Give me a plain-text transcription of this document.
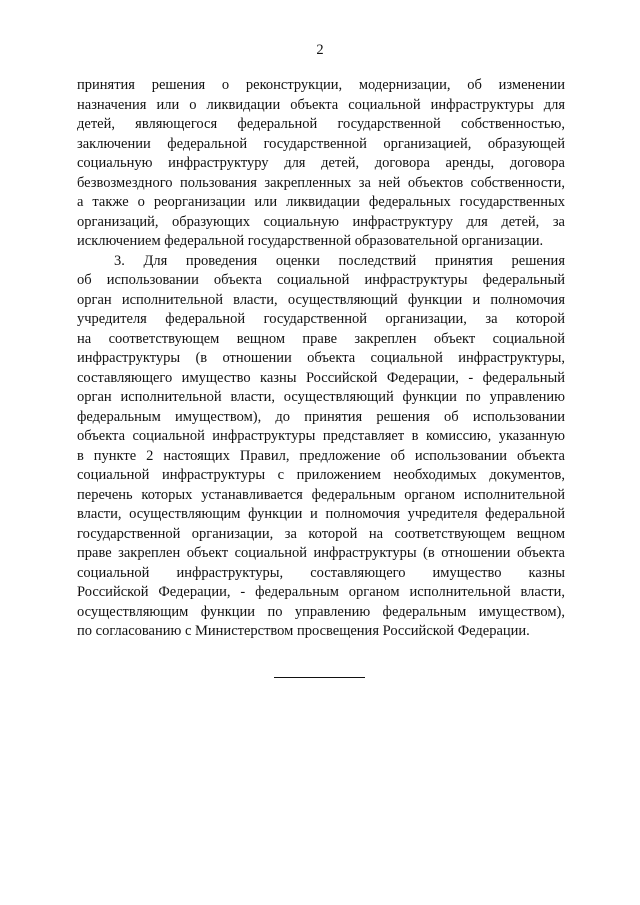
2
принятия решения о реконструкции, модернизации, об изменении
назначения или о ликвидации объекта социальной инфраструктуры для
детей, являющегося федеральной государственной собственностью,
заключении федеральной государственной организацией, образующей
социальную инфраструктуру для детей, договора аренды, договора
безвозмездного пользования закрепленных за ней объектов собственности,
а также о реорганизации или ликвидации федеральных государственных
организаций, образующих социальную инфраструктуру для детей, за
исключением федеральной государственной образовательной организации.
3. Для проведения оценки последствий принятия решения
об использовании объекта социальной инфраструктуры федеральный
орган исполнительной власти, осуществляющий функции и полномочия
учредителя федеральной государственной организации, за которой
на соответствующем вещном праве закреплен объект социальной
инфраструктуры (в отношении объекта социальной инфраструктуры,
составляющего имущество казны Российской Федерации, - федеральный
орган исполнительной власти, осуществляющий функции по управлению
федеральным имуществом), до принятия решения об использовании
объекта социальной инфраструктуры представляет в комиссию, указанную
в пункте 2 настоящих Правил, предложение об использовании объекта
социальной инфраструктуры с приложением необходимых документов,
перечень которых устанавливается федеральным органом исполнительной
власти, осуществляющим функции и полномочия учредителя федеральной
государственной организации, за которой на соответствующем вещном
праве закреплен объект социальной инфраструктуры (в отношении объекта
социальной инфраструктуры, составляющего имущество казны
Российской Федерации, - федеральным органом исполнительной власти,
осуществляющим функции по управлению федеральным имуществом),
по согласованию с Министерством просвещения Российской Федерации.
